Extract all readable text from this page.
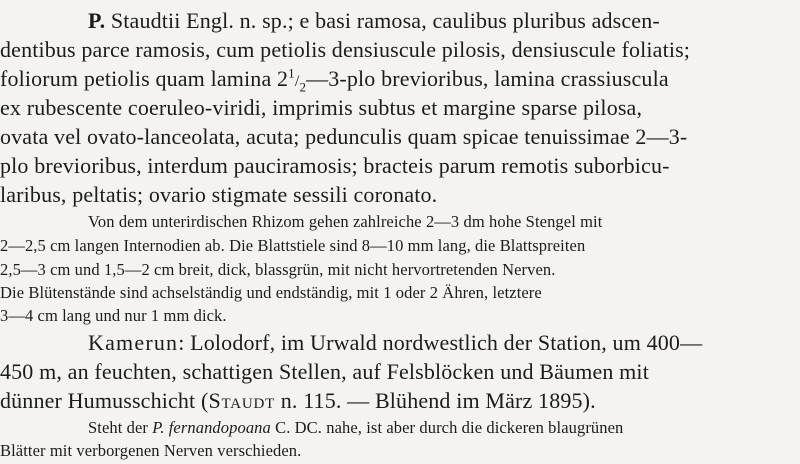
P. Staudtii Engl. n. sp.; e basi ramosa, caulibus pluribus adscen-
dentibus parce ramosis, cum petiolis densiuscule pilosis, densiuscule foliatis;
foliorum petiolis quam lamina $2^1/_2—3$-plo brevioribus, lamina crassiuscula
ex rubescente coeruleo-viridi, imprimis subtus et margine sparse pilosa,
ovata vel ovato-lanceolata, acuta; pedunculis quam spicae tenuissimae 2—3-
plo brevioribus, interdum pauciramosis; bracteis parum remotis suborbicu-
laribus, peltatis; ovario stigmate sessili coronato.
Von dem unterirdischen Rhizom gehen zahlreiche 2—3 dm hohe Stengel mit
2—2,5 cm langen Internodien ab. Die Blattstiele sind 8—10 mm lang, die Blattspreiten
2,5—3 cm und 1,5—2 cm breit, dick, blassgrün, mit nicht hervortretenden Nerven.
Die Blütenstände sind achselständig und endständig, mit 1 oder 2 Ähren, letztere
3—4 cm lang und nur 1 mm dick.
Kamerun: Lolodorf, im Urwald nordwestlich der Station, um 400—
450 m, an feuchten, schattigen Stellen, auf Felsblöcken und Bäumen mit
dünner Humusschicht (Staudt n. 115. — Blühend im März 1895).
Steht der P. fernandopoana C. DC. nahe, ist aber durch die dickeren blaugrünen
Blätter mit verborgenen Nerven verschieden.
